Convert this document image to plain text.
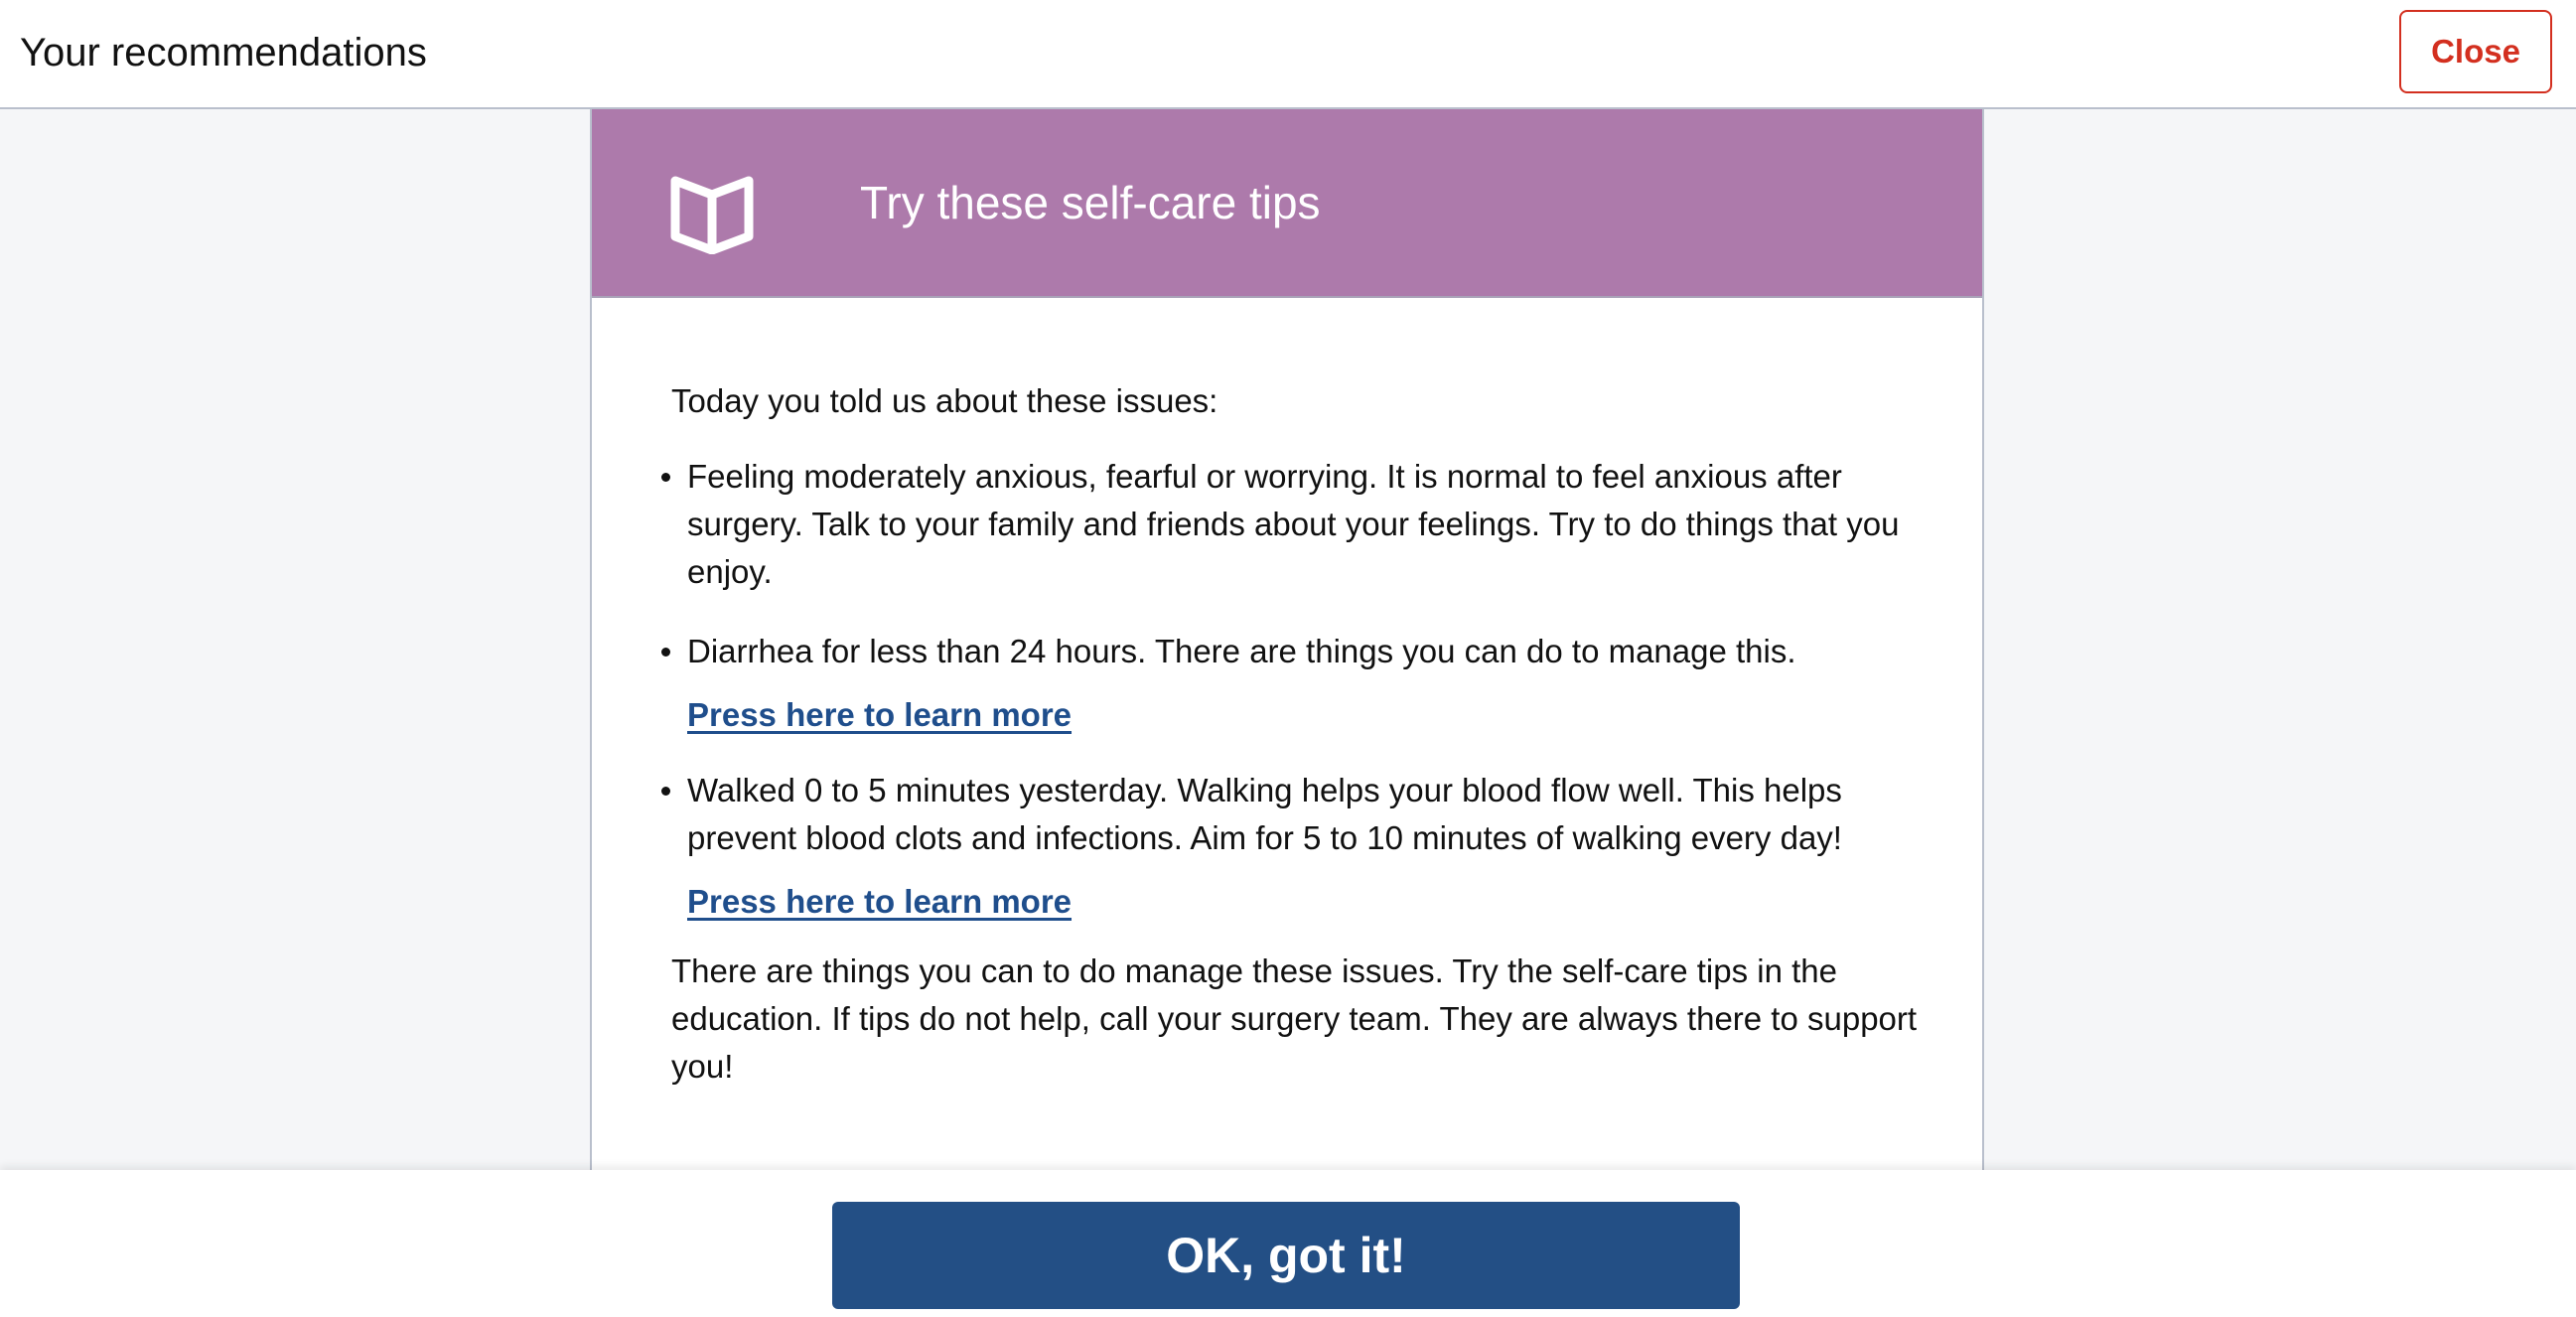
Your recommendations	Close
Try these self-care tips

Today you told us about these issues:

Feeling moderately anxious, fearful or worrying. It is normal to feel anxious after surgery. Talk to your family and friends about your feelings. Try to do things that you enjoy.
Diarrhea for less than 24 hours. There are things you can do to manage this.
Press here to learn more
Walked 0 to 5 minutes yesterday. Walking helps your blood flow well. This helps prevent blood clots and infections. Aim for 5 to 10 minutes of walking every day!
Press here to learn more

There are things you can to do manage these issues. Try the self-care tips in the education. If tips do not help, call your surgery team. They are always there to support you!

OK, got it!
